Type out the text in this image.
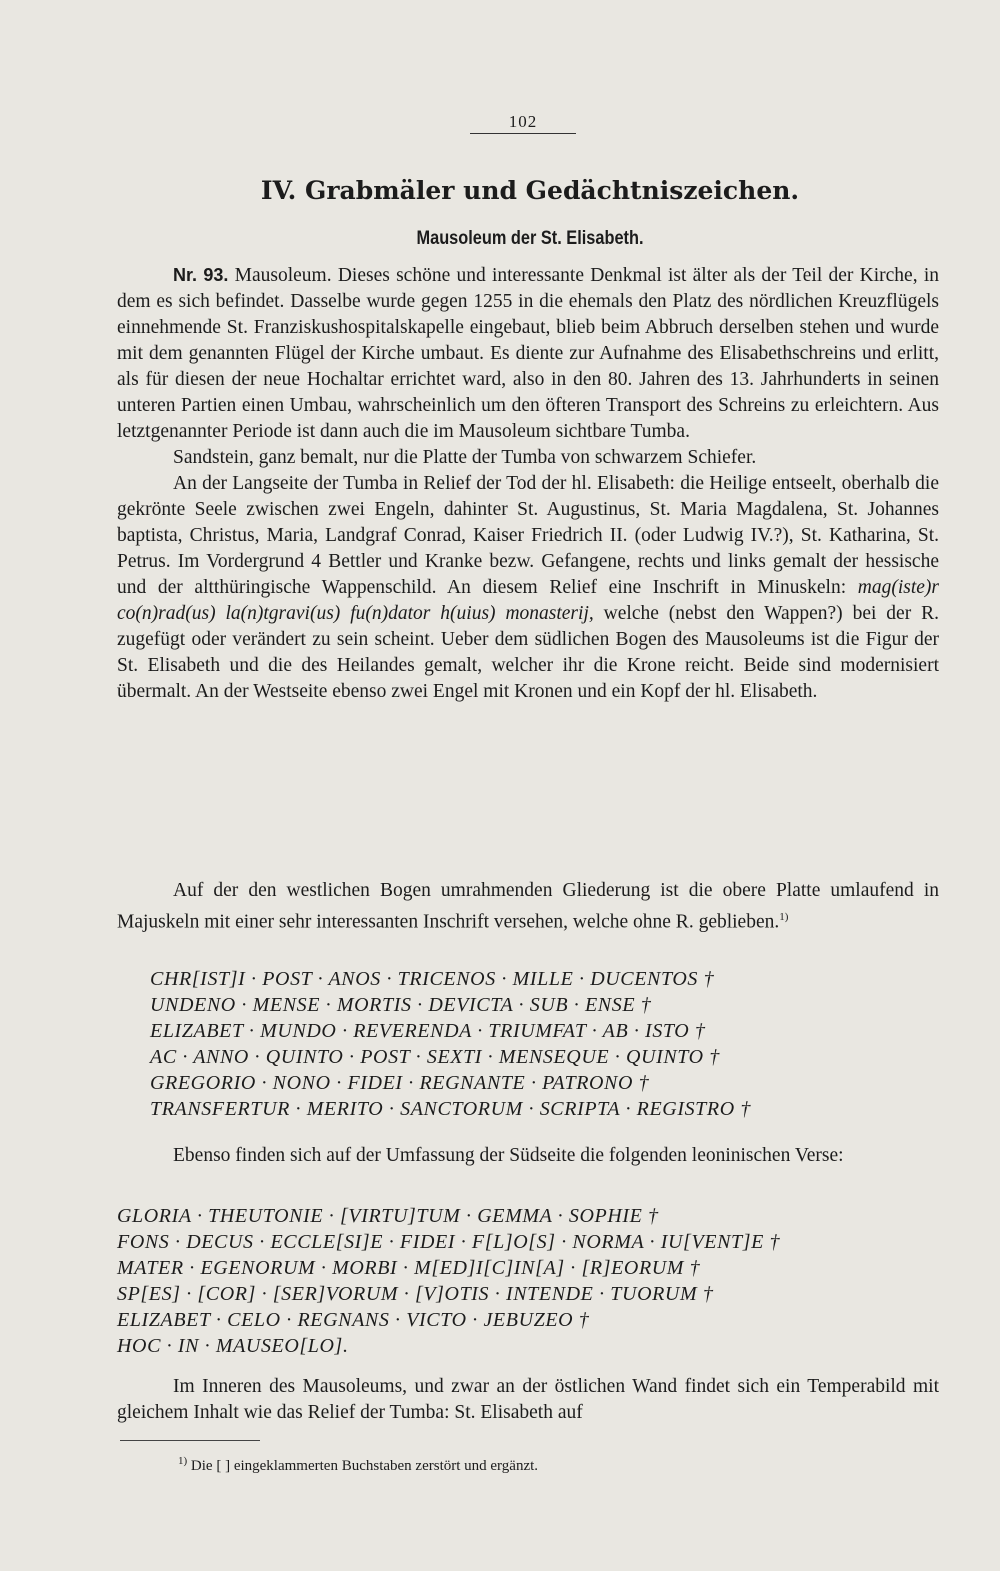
102
IV. Grabmäler und Gedächtniszeichen.
Mausoleum der St. Elisabeth.

Nr. 93. Mausoleum. Dieses schöne und interessante Denkmal ist älter als der Teil der Kirche, in dem es sich befindet. Dasselbe wurde gegen 1255 in die ehemals den Platz des nördlichen Kreuzflügels einnehmende St. Franziskushospitalskapelle eingebaut, blieb beim Abbruch derselben stehen und wurde mit dem genannten Flügel der Kirche umbaut. Es diente zur Aufnahme des Elisabethschreins und erlitt, als für diesen der neue Hochaltar errichtet ward, also in den 80. Jahren des 13. Jahrhunderts in seinen unteren Partien einen Umbau, wahrscheinlich um den öfteren Transport des Schreins zu erleichtern. Aus letztgenannter Periode ist dann auch die im Mausoleum sichtbare Tumba.

Sandstein, ganz bemalt, nur die Platte der Tumba von schwarzem Schiefer.

An der Langseite der Tumba in Relief der Tod der hl. Elisabeth: die Heilige entseelt, oberhalb die gekrönte Seele zwischen zwei Engeln, dahinter St. Augustinus, St. Maria Magdalena, St. Johannes baptista, Christus, Maria, Landgraf Conrad, Kaiser Friedrich II. (oder Ludwig IV.?), St. Katharina, St. Petrus. Im Vordergrund 4 Bettler und Kranke bezw. Gefangene, rechts und links gemalt der hessische und der altthüringische Wappenschild. An diesem Relief eine Inschrift in Minuskeln: mag(iste)r co(n)rad(us) la(n)tgravi(us) fu(n)dator h(uius) monasterij, welche (nebst den Wappen?) bei der R. zugefügt oder verändert zu sein scheint. Ueber dem südlichen Bogen des Mausoleums ist die Figur der St. Elisabeth und die des Heilandes gemalt, welcher ihr die Krone reicht. Beide sind modernisiert übermalt. An der Westseite ebenso zwei Engel mit Kronen und ein Kopf der hl. Elisabeth.

Auf der den westlichen Bogen umrahmenden Gliederung ist die obere Platte umlaufend in Majuskeln mit einer sehr interessanten Inschrift versehen, welche ohne R. geblieben.$^{1)}$

CHR[IST]I · POST · ANOS · TRICENOS · MILLE · DUCENTOS †
UNDENO · MENSE · MORTIS · DEVICTA · SUB · ENSE †
ELIZABET · MUNDO · REVERENDA · TRIUMFAT · AB · ISTO †
AC · ANNO · QUINTO · POST · SEXTI · MENSEQUE · QUINTO †
GREGORIO · NONO · FIDEI · REGNANTE · PATRONO †
TRANSFERTUR · MERITO · SANCTORUM · SCRIPTA · REGISTRO †

Ebenso finden sich auf der Umfassung der Südseite die folgenden leoninischen Verse:

GLORIA · THEUTONIE · [VIRTU]TUM · GEMMA · SOPHIE †
FONS · DECUS · ECCLE[SI]E · FIDEI · F[L]O[S] · NORMA · IU[VENT]E †
MATER · EGENORUM · MORBI · M[ED]I[C]IN[A] · [R]EORUM †
SP[ES] · [COR] · [SER]VORUM · [V]OTIS · INTENDE · TUORUM †
ELIZABET · CELO · REGNANS · VICTO · JEBUZEO †
HOC · IN · MAUSEO[LO].

Im Inneren des Mausoleums, und zwar an der östlichen Wand findet sich ein Temperabild mit gleichem Inhalt wie das Relief der Tumba: St. Elisabeth auf

$^{1)}$ Die [ ] eingeklammerten Buchstaben zerstört und ergänzt.
